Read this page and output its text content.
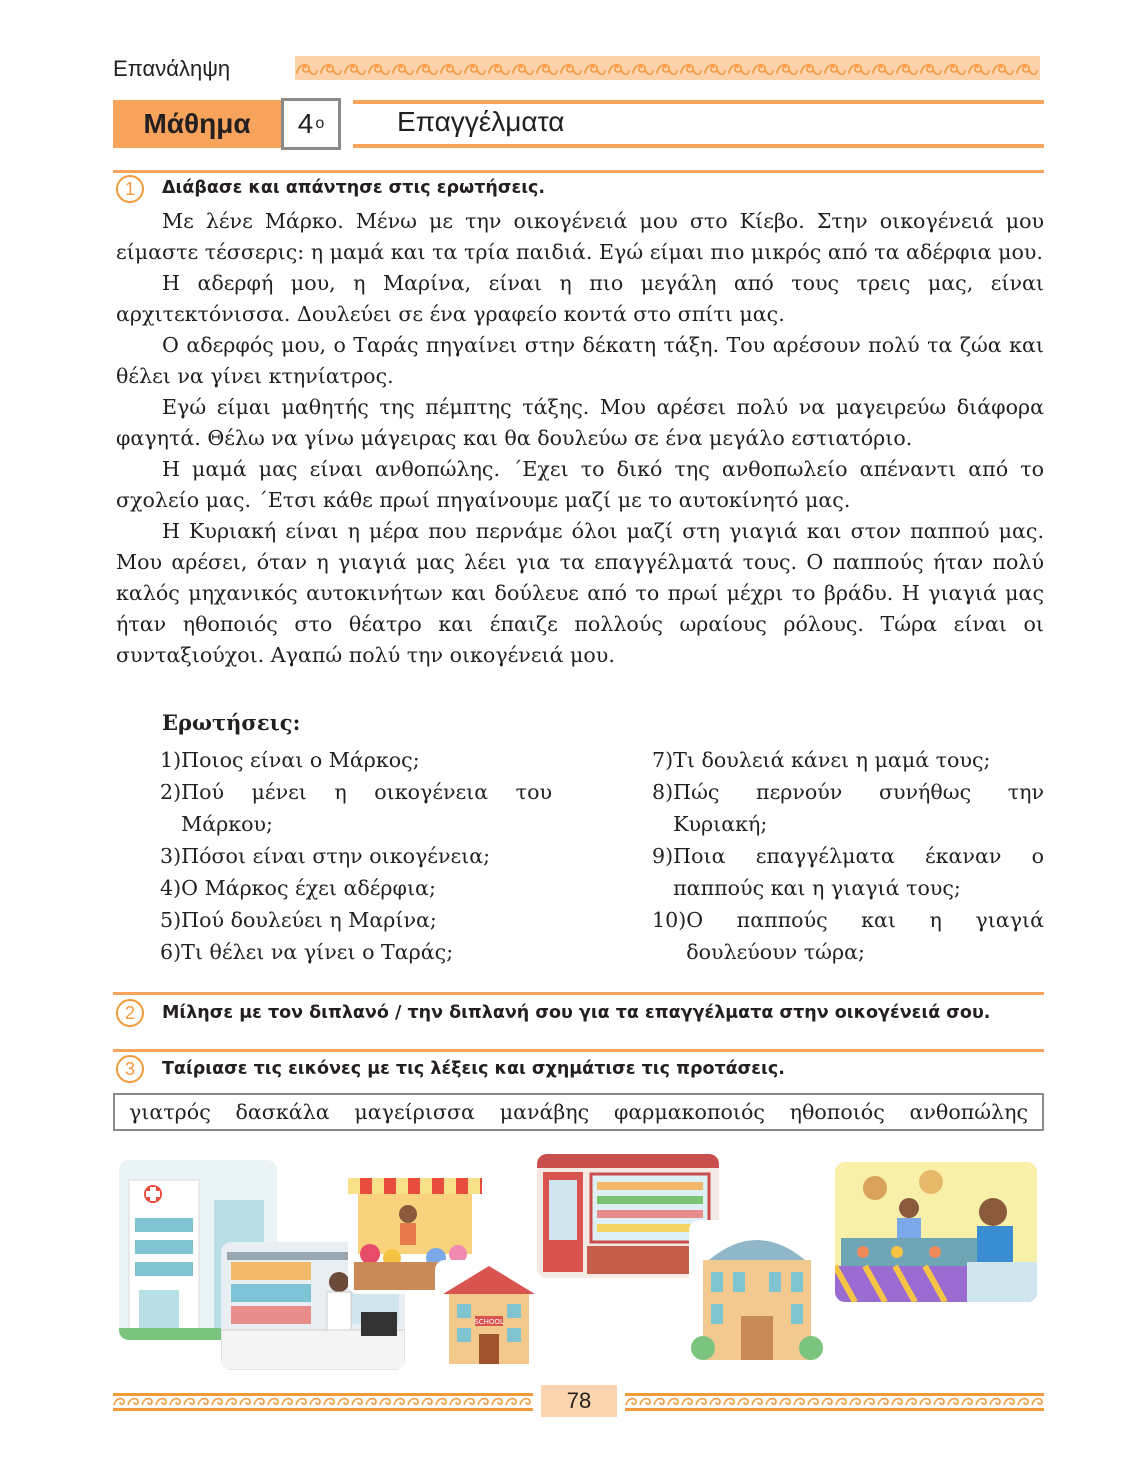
Επανάληψη
Μάθημα	4 ο	Επαγγέλματα
1	Διάβασε και απάντησε στις ερωτήσεις.

Με λένε Μάρκο. Μένω με την οικογένειά μου στο Κίεβο. Στην οικογένειά μου είμαστε τέσσερις: η μαμά και τα τρία παιδιά. Εγώ είμαι πιο μικρός από τα αδέρφια μου.

Η αδερφή μου, η Μαρίνα, είναι η πιο μεγάλη από τους τρεις μας, είναι αρχιτεκτόνισσα. Δουλεύει σε ένα γραφείο κοντά στο σπίτι μας.

Ο αδερφός μου, ο Ταράς πηγαίνει στην δέκατη τάξη. Του αρέσουν πολύ τα ζώα και θέλει να γίνει κτηνίατρος.

Εγώ είμαι μαθητής της πέμπτης τάξης. Μου αρέσει πολύ να μαγειρεύω διάφορα φαγητά. Θέλω να γίνω μάγειρας και θα δουλεύω σε ένα μεγάλο εστιατόριο.

Η μαμά μας είναι ανθοπώλης. ´Εχει το δικό της ανθοπωλείο απέναντι από το σχολείο μας. ´Ετσι κάθε πρωί πηγαίνουμε μαζί με το αυτοκίνητό μας.

Η Κυριακή είναι η μέρα που περνάμε όλοι μαζί στη γιαγιά και στον παππού μας. Μου αρέσει, όταν η γιαγιά μας λέει για τα επαγγέλματά τους. Ο παππούς ήταν πολύ καλός μηχανικός αυτοκινήτων και δούλευε από το πρωί μέχρι το βράδυ. Η γιαγιά μας ήταν ηθοποιός στο θέατρο και έπαιζε πολλούς ωραίους ρόλους. Τώρα είναι οι συνταξιούχοι. Αγαπώ πολύ την οικογένειά μου.

Ερωτήσεις:
1) Ποιος είναι ο Μάρκος;
2) Πού μένει η οικογένεια του Μάρκου;
3) Πόσοι είναι στην οικογένεια;
4) Ο Μάρκος έχει αδέρφια;
5) Πού δουλεύει η Μαρίνα;
6) Τι θέλει να γίνει ο Ταράς;
7) Τι δουλειά κάνει η μαμά τους;
8) Πώς περνούν συνήθως την Κυριακή;
9) Ποια επαγγέλματα έκαναν ο παππούς και η γιαγιά τους;
10) Ο παππούς και η γιαγιά δουλεύουν τώρα;
2	Μίλησε με τον διπλανό / την διπλανή σου για τα επαγγέλματα στην οικογένειά σου.
3	Ταίριασε τις εικόνες με τις λέξεις και σχημάτισε τις προτάσεις.
γιατρός δασκάλα μαγείρισσα μανάβης φαρμακοποιός ηθοποιός ανθοπώλης
SCHOOL
78
